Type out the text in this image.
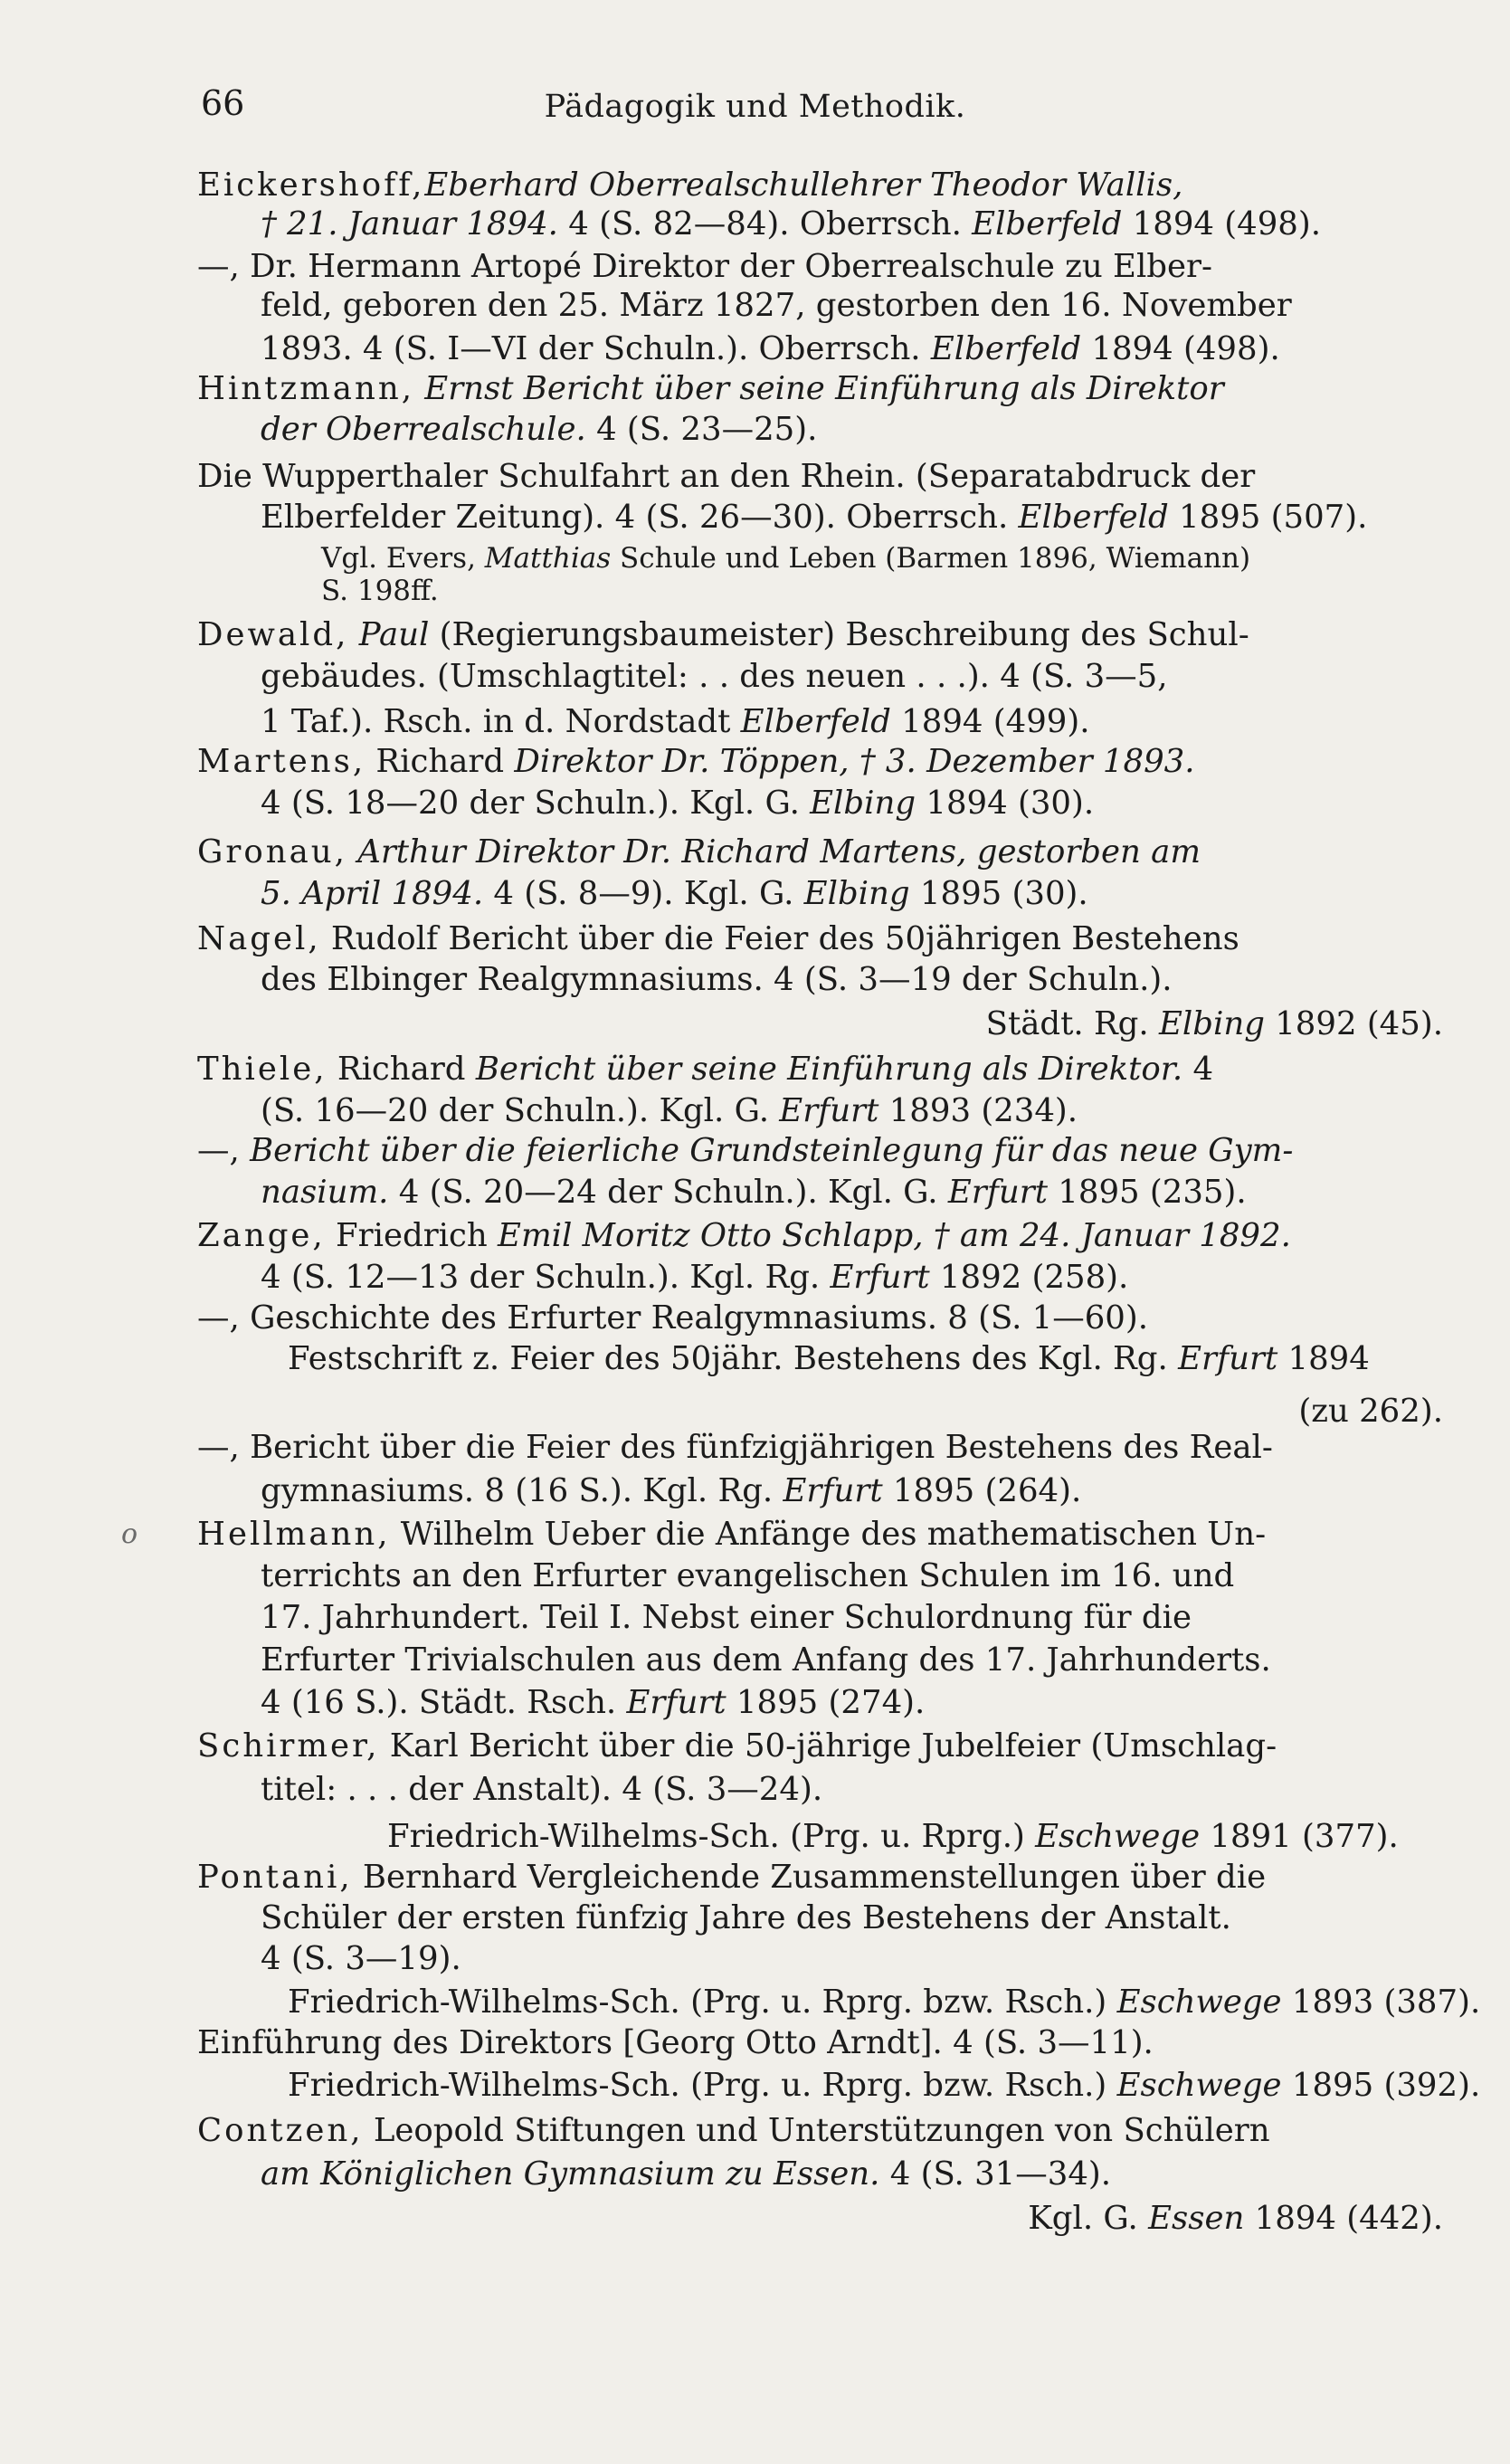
66	Pädagogik und Methodik.
o
Eickershoff,Eberhard Oberrealschullehrer Theodor Wallis,
† 21. Januar 1894. 4 (S. 82—84). Oberrsch. Elberfeld 1894 (498).
—, Dr. Hermann Artopé Direktor der Oberrealschule zu Elber-
feld, geboren den 25. März 1827, gestorben den 16. November
1893. 4 (S. I—VI der Schuln.). Oberrsch. Elberfeld 1894 (498).
Hintzmann, Ernst Bericht über seine Einführung als Direktor
der Oberrealschule. 4 (S. 23—25).
Die Wupperthaler Schulfahrt an den Rhein. (Separatabdruck der
Elberfelder Zeitung). 4 (S. 26—30). Oberrsch. Elberfeld 1895 (507).
Vgl. Evers, Matthias Schule und Leben (Barmen 1896, Wiemann)
S. 198ff.
Dewald, Paul (Regierungsbaumeister) Beschreibung des Schul-
gebäudes. (Umschlagtitel: . . des neuen . . .). 4 (S. 3—5,
1 Taf.). Rsch. in d. Nordstadt Elberfeld 1894 (499).
Martens, Richard Direktor Dr. Töppen, † 3. Dezember 1893.
4 (S. 18—20 der Schuln.). Kgl. G. Elbing 1894 (30).
Gronau, Arthur Direktor Dr. Richard Martens, gestorben am
5. April 1894. 4 (S. 8—9). Kgl. G. Elbing 1895 (30).
Nagel, Rudolf Bericht über die Feier des 50jährigen Bestehens
des Elbinger Realgymnasiums. 4 (S. 3—19 der Schuln.).
Städt. Rg. Elbing 1892 (45).
Thiele, Richard Bericht über seine Einführung als Direktor. 4
(S. 16—20 der Schuln.). Kgl. G. Erfurt 1893 (234).
—, Bericht über die feierliche Grundsteinlegung für das neue Gym-
nasium. 4 (S. 20—24 der Schuln.). Kgl. G. Erfurt 1895 (235).
Zange, Friedrich Emil Moritz Otto Schlapp, † am 24. Januar 1892.
4 (S. 12—13 der Schuln.). Kgl. Rg. Erfurt 1892 (258).
—, Geschichte des Erfurter Realgymnasiums. 8 (S. 1—60).
Festschrift z. Feier des 50jähr. Bestehens des Kgl. Rg. Erfurt 1894
(zu 262).
—, Bericht über die Feier des fünfzigjährigen Bestehens des Real-
gymnasiums. 8 (16 S.). Kgl. Rg. Erfurt 1895 (264).
Hellmann, Wilhelm Ueber die Anfänge des mathematischen Un-
terrichts an den Erfurter evangelischen Schulen im 16. und
17. Jahrhundert. Teil I. Nebst einer Schulordnung für die
Erfurter Trivialschulen aus dem Anfang des 17. Jahrhunderts.
4 (16 S.). Städt. Rsch. Erfurt 1895 (274).
Schirmer, Karl Bericht über die 50-jährige Jubelfeier (Umschlag-
titel: . . . der Anstalt). 4 (S. 3—24).
Friedrich-Wilhelms-Sch. (Prg. u. Rprg.) Eschwege 1891 (377).
Pontani, Bernhard Vergleichende Zusammenstellungen über die
Schüler der ersten fünfzig Jahre des Bestehens der Anstalt.
4 (S. 3—19).
Friedrich-Wilhelms-Sch. (Prg. u. Rprg. bzw. Rsch.) Eschwege 1893 (387).
Einführung des Direktors [Georg Otto Arndt]. 4 (S. 3—11).
Friedrich-Wilhelms-Sch. (Prg. u. Rprg. bzw. Rsch.) Eschwege 1895 (392).
Contzen, Leopold Stiftungen und Unterstützungen von Schülern
am Königlichen Gymnasium zu Essen. 4 (S. 31—34).
Kgl. G. Essen 1894 (442).
